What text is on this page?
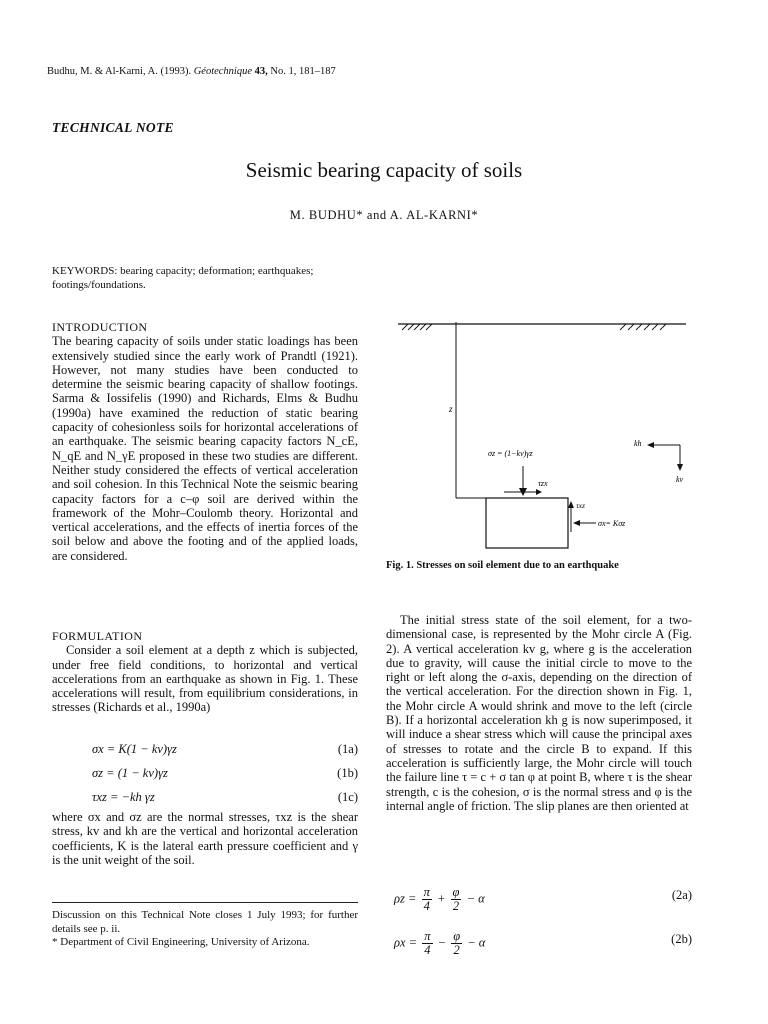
Budhu, M. & Al-Karni, A. (1993). Géotechnique 43, No. 1, 181–187
TECHNICAL NOTE
Seismic bearing capacity of soils
M. BUDHU* and A. AL-KARNI*
KEYWORDS: bearing capacity; deformation; earthquakes; footings/foundations.

INTRODUCTION

The bearing capacity of soils under static loadings has been extensively studied since the early work of Prandtl (1921). However, not many studies have been conducted to determine the seismic bearing capacity of shallow footings. Sarma & Iossifelis (1990) and Richards, Elms & Budhu (1990a) have examined the reduction of static bearing capacity of cohesionless soils for horizontal accelerations of an earthquake. The seismic bearing capacity factors N_cE, N_qE and N_γE proposed in these two studies are different. Neither study considered the effects of vertical acceleration and soil cohesion. In this Technical Note the seismic bearing capacity factors for a c–φ soil are derived within the framework of the Mohr–Coulomb theory. Horizontal and vertical accelerations, and the effects of inertia forces of the soil below and above the footing and of the applied loads, are considered.

FORMULATION

Consider a soil element at a depth z which is subjected, under free field conditions, to horizontal and vertical accelerations from an earthquake as shown in Fig. 1. These accelerations will result, from equilibrium considerations, in stresses (Richards et al., 1990a)

σx = K(1 − kv)γz	(1a)
σz = (1 − kv)γz	(1b)
τxz = −kh γz	(1c)

where σx and σz are the normal stresses, τxz is the shear stress, kv and kh are the vertical and horizontal acceleration coefficients, K is the lateral earth pressure coefficient and γ is the unit weight of the soil.

Discussion on this Technical Note closes 1 July 1993; for further details see p. ii.

* Department of Civil Engineering, University of Arizona.

z
σz = (1−kv)γz
τzx
τxz
σx= Kσz
kh
kv
Fig. 1. Stresses on soil element due to an earthquake

The initial stress state of the soil element, for a two-dimensional case, is represented by the Mohr circle A (Fig. 2). A vertical acceleration kv g, where g is the acceleration due to gravity, will cause the initial circle to move to the right or left along the σ-axis, depending on the direction of the vertical acceleration. For the direction shown in Fig. 1, the Mohr circle A would shrink and move to the left (circle B). If a horizontal acceleration kh g is now superimposed, it will induce a shear stress which will cause the principal axes of stresses to rotate and the circle B to expand. If this acceleration is sufficiently large, the Mohr circle will touch the failure line τ = c + σ tan φ at point B, where τ is the shear strength, c is the cohesion, σ is the normal stress and φ is the internal angle of friction. The slip planes are then oriented at

$\rho z = \frac{\pi}{4} + \frac{\varphi}{2} - \alpha$	(2a)
$\rho x = \frac{\pi}{4} - \frac{\varphi}{2} - \alpha$	(2b)
